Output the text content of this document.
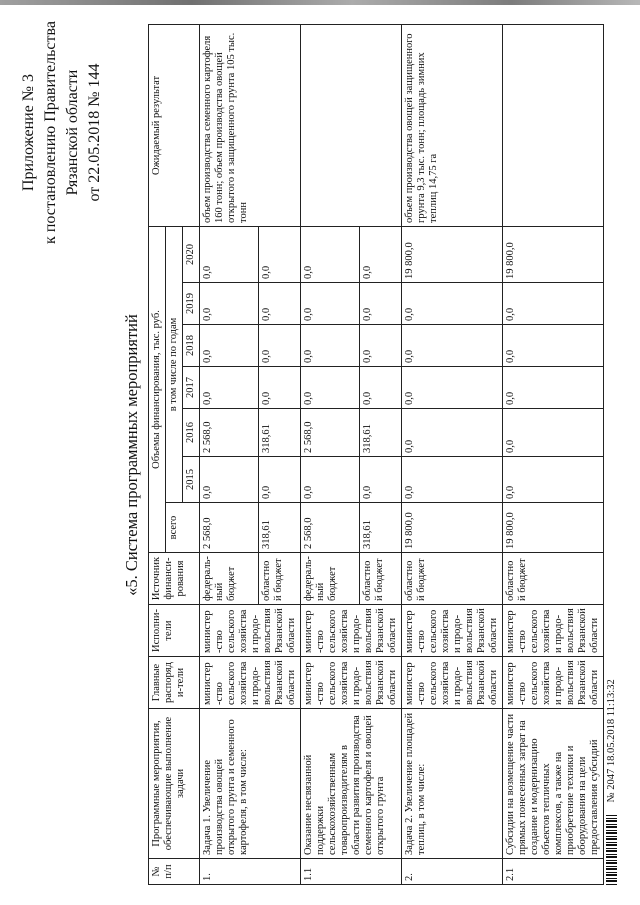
Приложение № 3 к постановлению Правительства Рязанской области от 22.05.2018 № 144
«5. Система программных мероприятий
№ п/п	Программные мероприятия, обеспечивающие выполнение задачи	Главные распоряди-тели	Исполни-тели	Источник финанси-рования	Объемы финансирования, тыс. руб.							Ожидаемый результат
					всего	в том числе по годам						
						2015	2016	2017	2018	2019	2020	
1.	Задача 1. Увеличение производства овощей открытого грунта и семенного картофеля, в том числе:	министер-ство сельского хозяйства и продо-вольствия Рязанской области	министер-ство сельского хозяйства и продо-вольствия Рязанской области	федераль-ный бюджет	2 568,0	0,0	2 568,0	0,0	0,0	0,0	0,0	объем производства семенного картофеля 160 тонн; объем производства овощей открытого и защищенного грунта 105 тыс. тонн
				областной бюджет	318,61	0,0	318,61	0,0	0,0	0,0	0,0	
1.1	Оказание несвязанной поддержки сельскохозяйственным товаропроизводителям в области развития производства семенного картофеля и овощей открытого грунта	министер-ство сельского хозяйства и продо-вольствия Рязанской области	министер-ство сельского хозяйства и продо-вольствия Рязанской области	федераль-ный бюджет	2 568,0	0,0	2 568,0	0,0	0,0	0,0	0,0	
				областной бюджет	318,61	0,0	318,61	0,0	0,0	0,0	0,0	
2.	Задача 2. Увеличение площадей теплиц, в том числе:	министер-ство сельского хозяйства и продо-вольствия Рязанской области	министер-ство сельского хозяйства и продо-вольствия Рязанской области	областной бюджет	19 800,0	0,0	0,0	0,0	0,0	0,0	19 800,0	объем производства овощей защищенного грунта 9,3 тыс. тонн; площадь зимних теплиц 14,75 га
2.1	Субсидии на возмещение части прямых понесенных затрат на создание и модернизацию объектов тепличных комплексов, а также на приобретение техники и оборудования на цели предоставления субсидий	министер-ство сельского хозяйства и продо-вольствия Рязанской области	министер-ство сельского хозяйства и продо-вольствия Рязанской области	областной бюджет	19 800,0	0,0	0,0	0,0	0,0	0,0	19 800,0	
№ 2047 18.05.2018 11:13:32
